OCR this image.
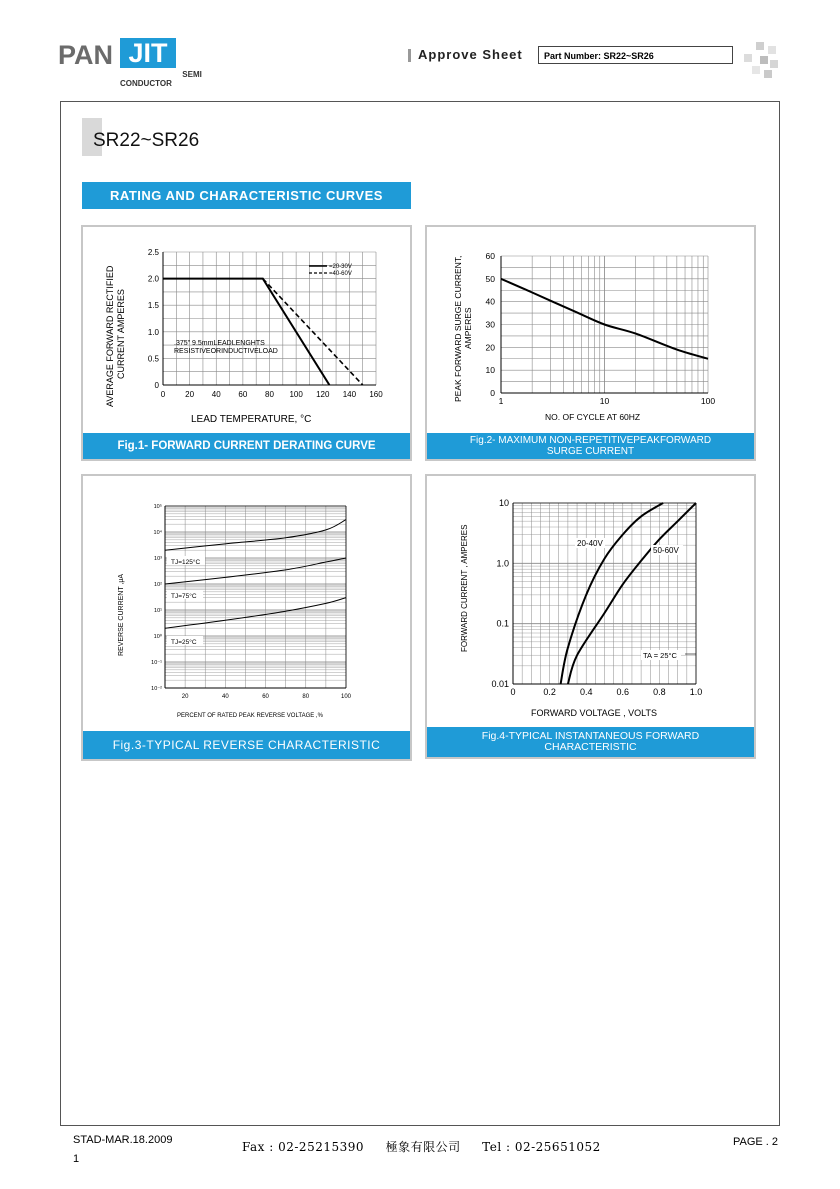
PAN JIT
SEMI
CONDUCTOR
Approve Sheet	Part Number: SR22~SR26
SR22~SR26
RATING AND CHARACTERISTIC CURVES
0 20 40 60 80 100 120 140 160
0
0.5
1.0
1.5
2.0
2.5
AVERAGE FORWARD RECTIFIED CURRENT AMPERES
LEAD TEMPERATURE, °C
.375" 9.5mmLEADLENGHTS
RESISTIVEORINDUCTIVELOAD
=20-30V
=40-60V
Fig.1- FORWARD CURRENT DERATING CURVE
1	10	100
0
10
20
30
40
50
60
PEAK FORWARD SURGE CURRENT, AMPERES
NO. OF CYCLE AT 60HZ
Fig.2- MAXIMUM NON-REPETITIVEPEAKFORWARD
SURGE CURRENT
20	40	60	80	100
10⁻²
10⁻¹
10⁰
10¹
10²
10³
10⁴
10⁵
TJ=125°C
TJ=75°C
TJ=25°C
REVERSE CURRENT ,μA
PERCENT OF RATED PEAK REVERSE VOLTAGE ,%
Fig.3-TYPICAL REVERSE CHARACTERISTIC
0	0.2	0.4	0.6	0.8	1.0
0.01
0.1
1.0
10
20-40V
50-60V
TA = 25°C
FORWARD CURRENT , AMPERES
FORWARD VOLTAGE , VOLTS
Fig.4-TYPICAL INSTANTANEOUS FORWARD
CHARACTERISTIC
STAD-MAR.18.2009
1
Fax : 02-25215390     極象有限公司     Tel : 02-25651052	PAGE . 2
